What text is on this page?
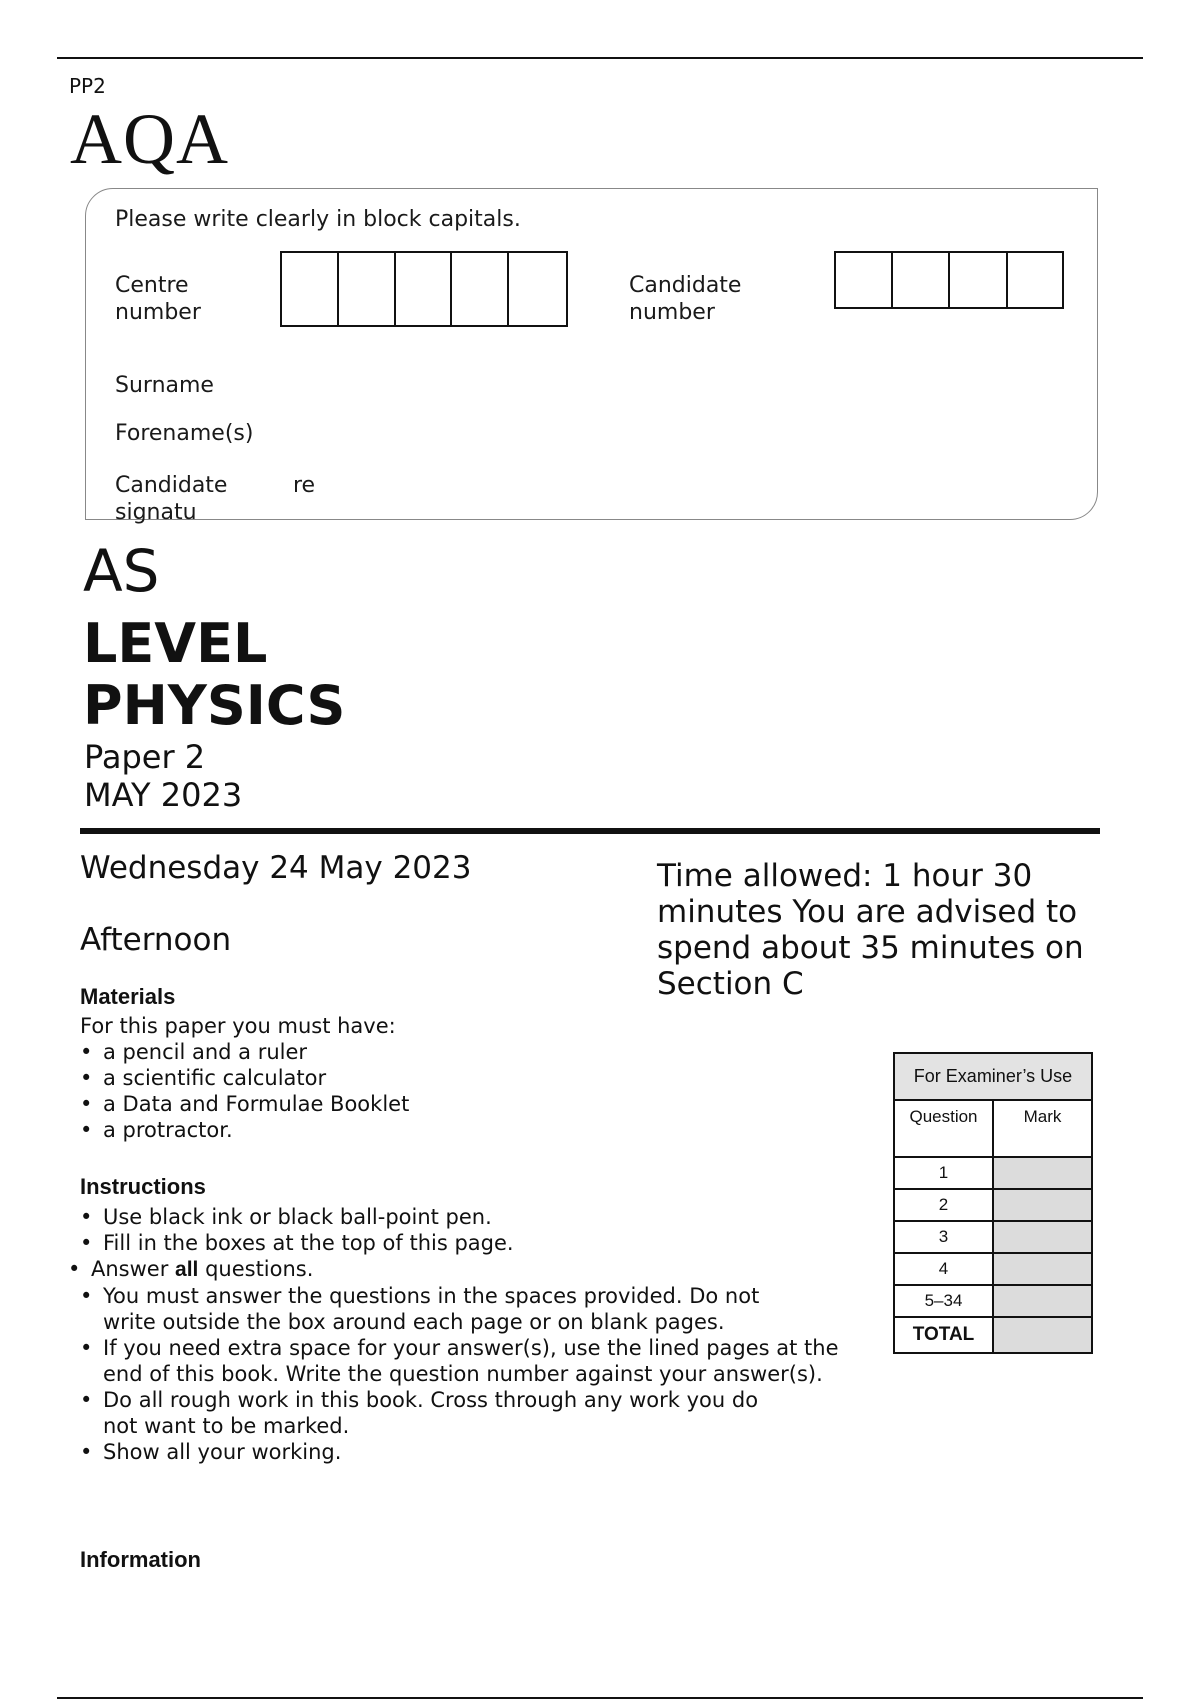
PP2
AQA
Please write clearly in block capitals.
Centre
number
Candidate
number
Surname
Forename(s)
Candidate signatu
re
AS
LEVEL
PHYSICS
Paper 2
MAY 2023
Wednesday 24 May 2023
Afternoon
Time allowed: 1 hour 30 minutes You are advised to spend about 35 minutes on Section C
Materials
For this paper you must have:
• a pencil and a ruler
• a scientific calculator
• a Data and Formulae Booklet
• a protractor.
Instructions
• Use black ink or black ball-point pen.
• Fill in the boxes at the top of this page.
• Answer all questions.
• You must answer the questions in the spaces provided. Do not write outside the box around each page or on blank pages.
• If you need extra space for your answer(s), use the lined pages at the end of this book. Write the question number against your answer(s).
• Do all rough work in this book. Cross through any work you do not want to be marked.
• Show all your working.
Information
For Examiner’s Use	
Question	Mark
1	
2	
3	
4	
5–34	
TOTAL	
